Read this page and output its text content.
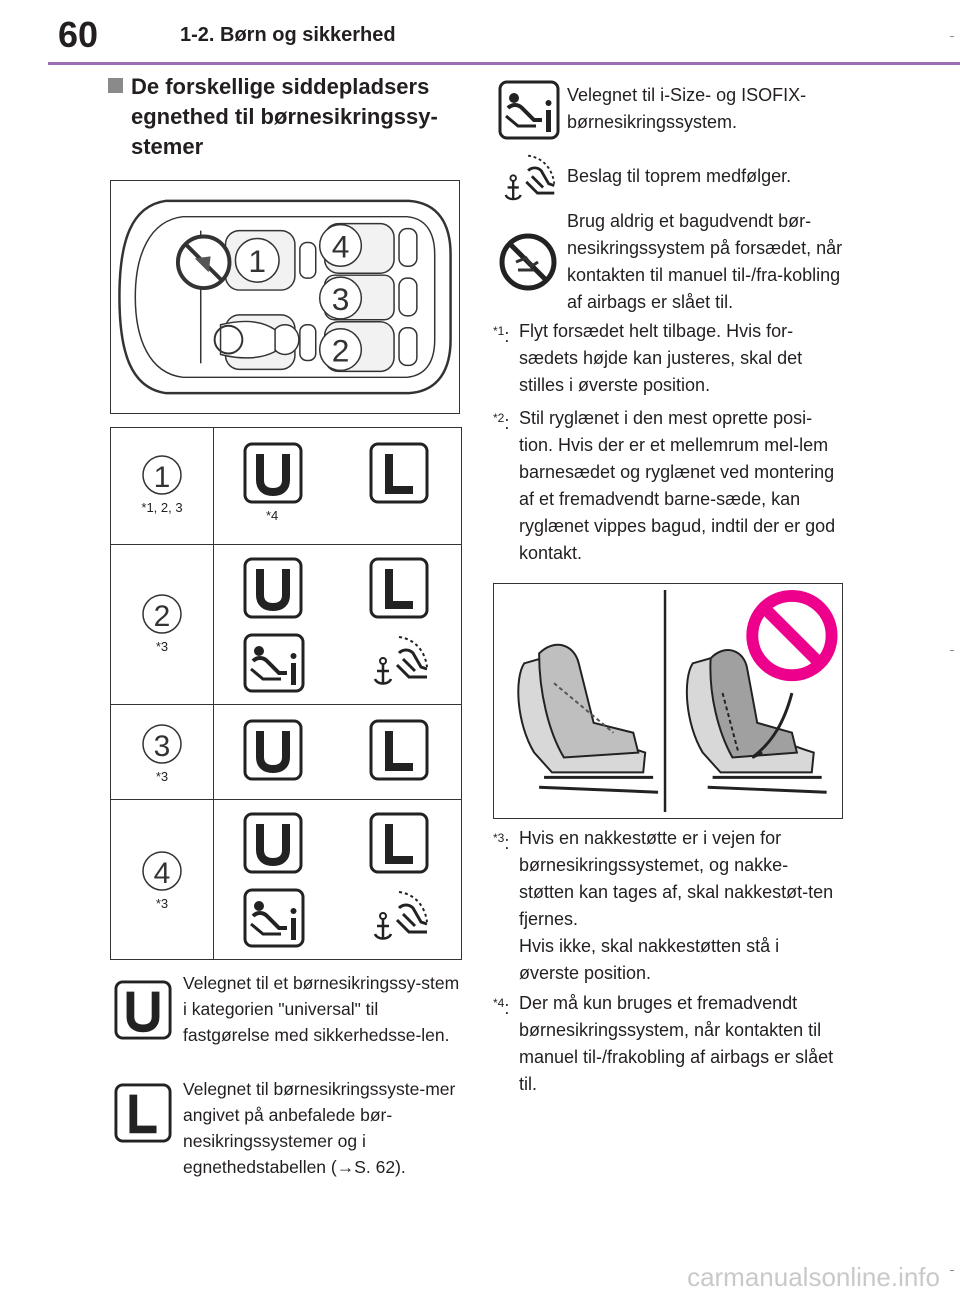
60	1-2. Børn og sikkerhed
De forskellige siddepladsers egnethed til børnesikringssy-stemer
1 4
3
2
1
*1, 2, 3
*4
2
*3
3
*3
4
*3
Velegnet til et børnesikringssy-stem i kategorien "universal" til fastgørelse med sikkerhedsse-len.
Velegnet til børnesikringssyste-mer angivet på anbefalede bør-nesikringssystemer og i egnethedstabellen (→S. 62).
Velegnet til i-Size- og ISOFIX-børnesikringssystem.
Beslag til toprem medfølger.
Brug aldrig et bagudvendt bør-nesikringssystem på forsædet, når kontakten til manuel til-/fra-kobling af airbags er slået til.
$^{*1}$: Flyt forsædet helt tilbage. Hvis for-sædets højde kan justeres, skal det stilles i øverste position.
$^{*2}$: Stil ryglænet i den mest oprette posi-tion. Hvis der er et mellemrum mel-lem barnesædet og ryglænet ved montering af et fremadvendt barne-sæde, kan ryglænet vippes bagud, indtil der er god kontakt.
$^{*3}$: Hvis en nakkestøtte er i vejen for børnesikringssystemet, og nakke-støtten kan tages af, skal nakkestøt-ten fjernes.
Hvis ikke, skal nakkestøtten stå i øverste position.
$^{*4}$: Der må kun bruges et fremadvendt børnesikringssystem, når kontakten til manuel til-/frakobling af airbags er slået til.
carmanualsonline.info
